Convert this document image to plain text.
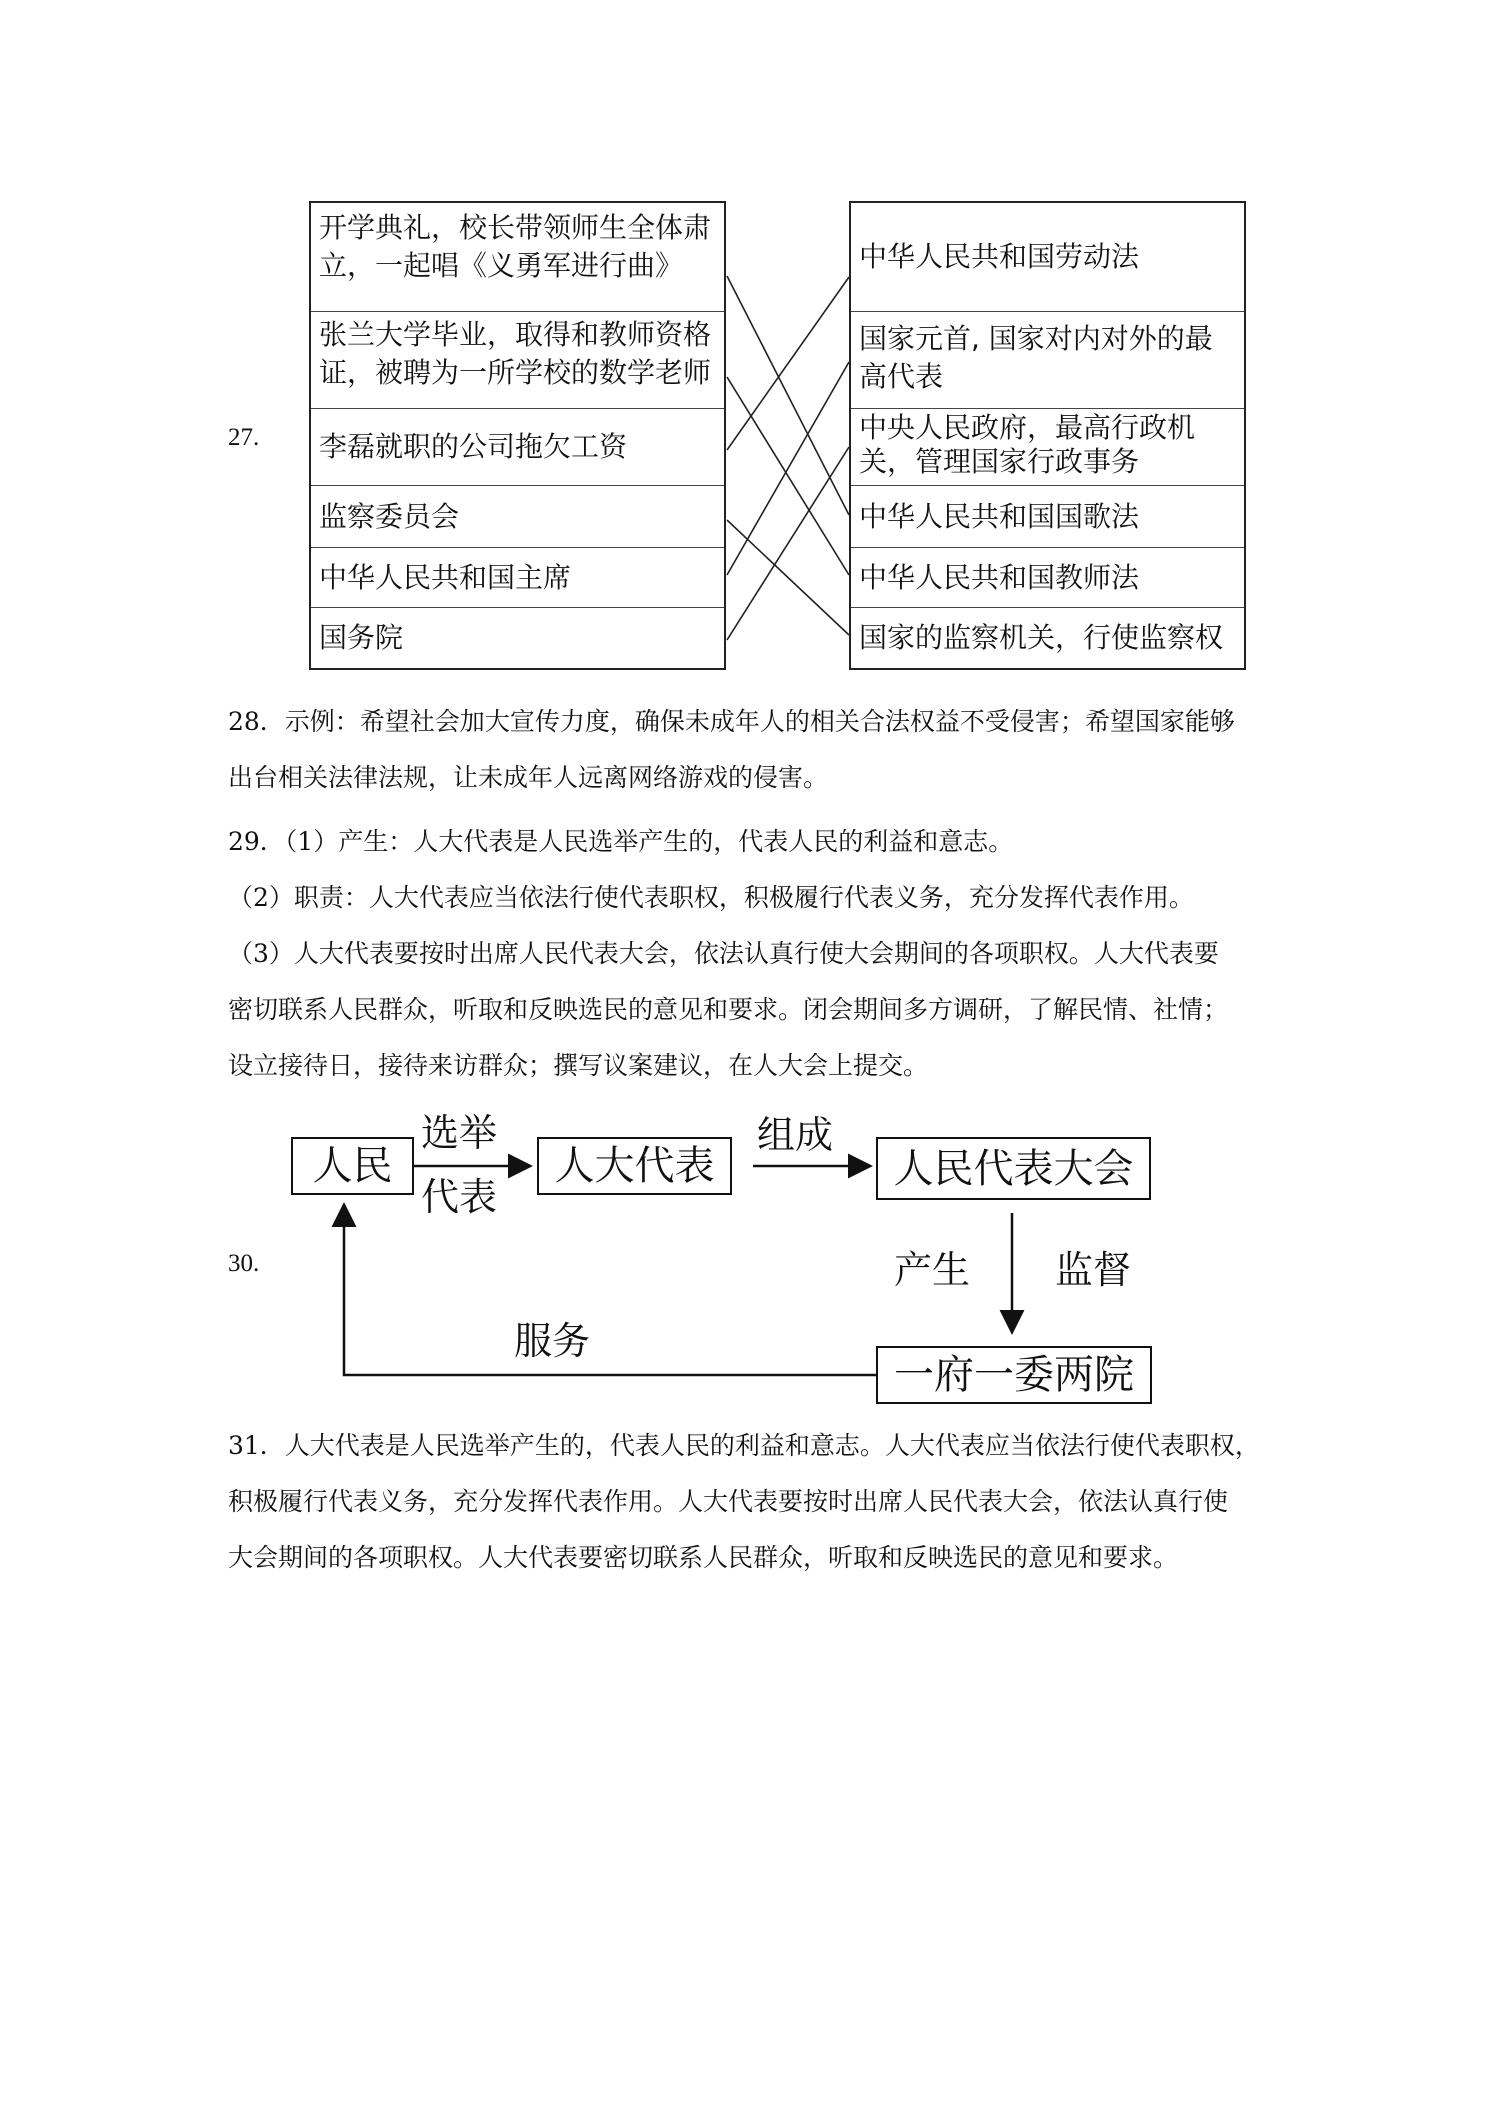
27.
开学典礼，校长带领师生全体肃立，一起唱《义勇军进行曲》
张兰大学毕业，取得和教师资格证，被聘为一所学校的数学老师
李磊就职的公司拖欠工资
监察委员会
中华人民共和国主席
国务院
中华人民共和国劳动法
国家元首, 国家对内对外的最高代表
中央人民政府，最高行政机关，管理国家行政事务
中华人民共和国国歌法
中华人民共和国教师法
国家的监察机关，行使监察权
28．示例：希望社会加大宣传力度，确保未成年人的相关合法权益不受侵害；希望国家能够
出台相关法律法规，让未成年人远离网络游戏的侵害。
29．（1）产生：人大代表是人民选举产生的，代表人民的利益和意志。
（2）职责：人大代表应当依法行使代表职权，积极履行代表义务，充分发挥代表作用。
（3）人大代表要按时出席人民代表大会，依法认真行使大会期间的各项职权。人大代表要
密切联系人民群众，听取和反映选民的意见和要求。闭会期间多方调研，了解民情、社情；
设立接待日，接待来访群众；撰写议案建议，在人大会上提交。
30.
人民	人大代表	人民代表大会
一府一委两院
选举
代表
组成
产生 监督
服务
31．人大代表是人民选举产生的，代表人民的利益和意志。人大代表应当依法行使代表职权，
积极履行代表义务，充分发挥代表作用。人大代表要按时出席人民代表大会，依法认真行使
大会期间的各项职权。人大代表要密切联系人民群众，听取和反映选民的意见和要求。
